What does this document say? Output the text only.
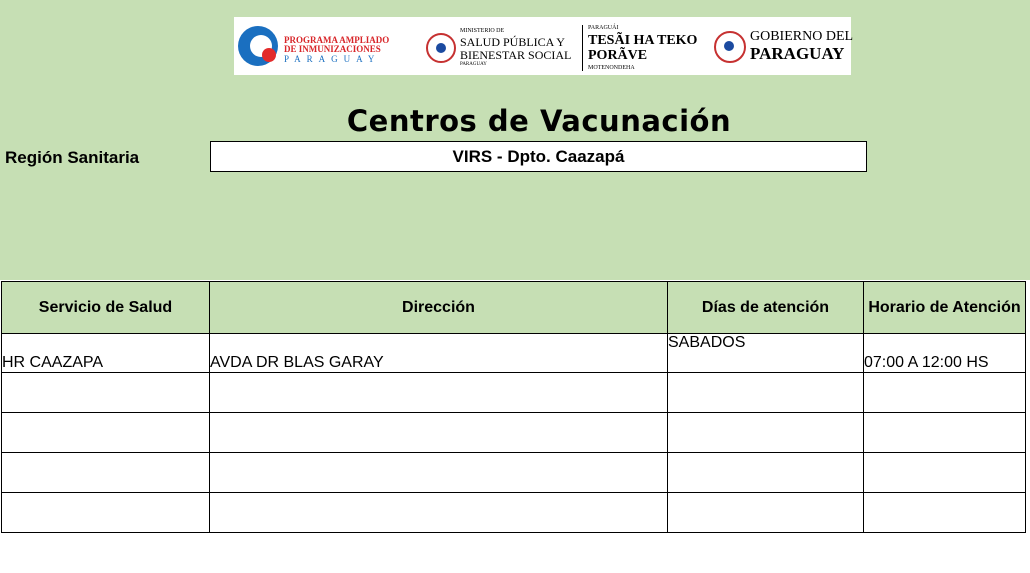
PROGRAMA AMPLIADO
DE INMUNIZACIONES
PARAGUAY
MINISTERIO DE
SALUD PÚBLICA Y
BIENESTAR SOCIAL
PARAGUAY
PARAGUÁI
TESÃI HA TEKO
PORÃVE
MOTENONDEHA
GOBIERNO DEL
PARAGUAY
Centros de Vacunación
Región Sanitaria	VIRS - Dpto. Caazapá
Servicio de Salud	Dirección	Días de atención	Horario de Atención
HR CAAZAPA	AVDA DR BLAS GARAY	SABADOS	07:00 A 12:00 HS
